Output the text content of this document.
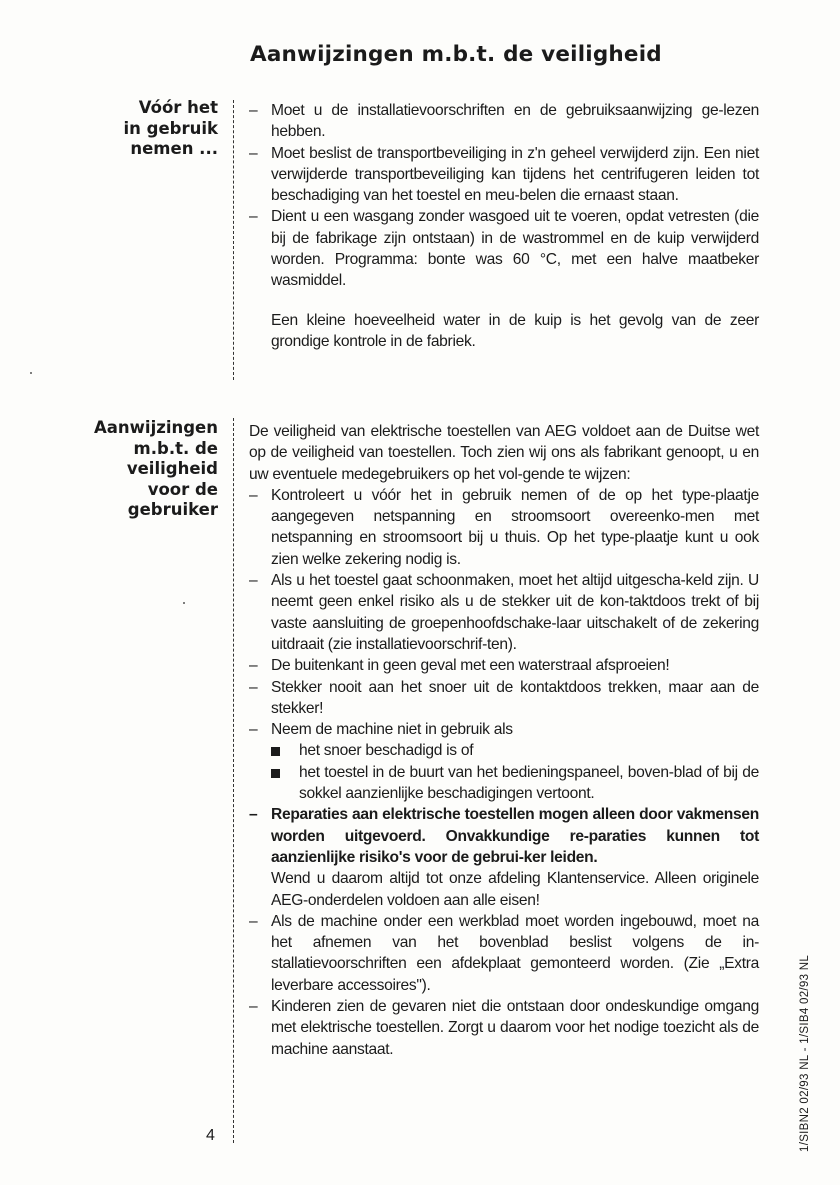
Aanwijzingen m.b.t. de veiligheid
Vóór het
in gebruik
nemen ...
– Moet u de installatievoorschriften en de gebruiksaanwijzing ge-lezen hebben.

– Moet beslist de transportbeveiliging in z'n geheel verwijderd zijn. Een niet verwijderde transportbeveiliging kan tijdens het centrifugeren leiden tot beschadiging van het toestel en meu-belen die ernaast staan.

– Dient u een wasgang zonder wasgoed uit te voeren, opdat vetresten (die bij de fabrikage zijn ontstaan) in de wastrommel en de kuip verwijderd worden. Programma: bonte was 60 °C, met een halve maatbeker wasmiddel.

Een kleine hoeveelheid water in de kuip is het gevolg van de zeer grondige kontrole in de fabriek.

Aanwijzingen
m.b.t. de
veiligheid
voor de
gebruiker

De veiligheid van elektrische toestellen van AEG voldoet aan de Duitse wet op de veiligheid van toestellen. Toch zien wij ons als fabrikant genoopt, u en uw eventuele medegebruikers op het vol-gende te wijzen:

– Kontroleert u vóór het in gebruik nemen of de op het type-plaatje aangegeven netspanning en stroomsoort overeenko-men met netspanning en stroomsoort bij u thuis. Op het type-plaatje kunt u ook zien welke zekering nodig is.

– Als u het toestel gaat schoonmaken, moet het altijd uitgescha-keld zijn. U neemt geen enkel risiko als u de stekker uit de kon-taktdoos trekt of bij vaste aansluiting de groepenhoofdschake-laar uitschakelt of de zekering uitdraait (zie installatievoorschrif-ten).

– De buitenkant in geen geval met een waterstraal afsproeien!

– Stekker nooit aan het snoer uit de kontaktdoos trekken, maar aan de stekker!

– Neem de machine niet in gebruik als

het snoer beschadigd is of

het toestel in de buurt van het bedieningspaneel, boven-blad of bij de sokkel aanzienlijke beschadigingen vertoont.

– Reparaties aan elektrische toestellen mogen alleen door vakmensen worden uitgevoerd. Onvakkundige re-paraties kunnen tot aanzienlijke risiko's voor de gebrui-ker leiden.

Wend u daarom altijd tot onze afdeling Klantenservice. Alleen originele AEG-onderdelen voldoen aan alle eisen!

– Als de machine onder een werkblad moet worden ingebouwd, moet na het afnemen van het bovenblad beslist volgens de in-stallatievoorschriften een afdekplaat gemonteerd worden. (Zie „Extra leverbare accessoires").

– Kinderen zien de gevaren niet die ontstaan door ondeskundige omgang met elektrische toestellen. Zorgt u daarom voor het nodige toezicht als de machine aanstaat.

4	1/SIBN2 02/93 NL - 1/SIB4 02/93 NL
